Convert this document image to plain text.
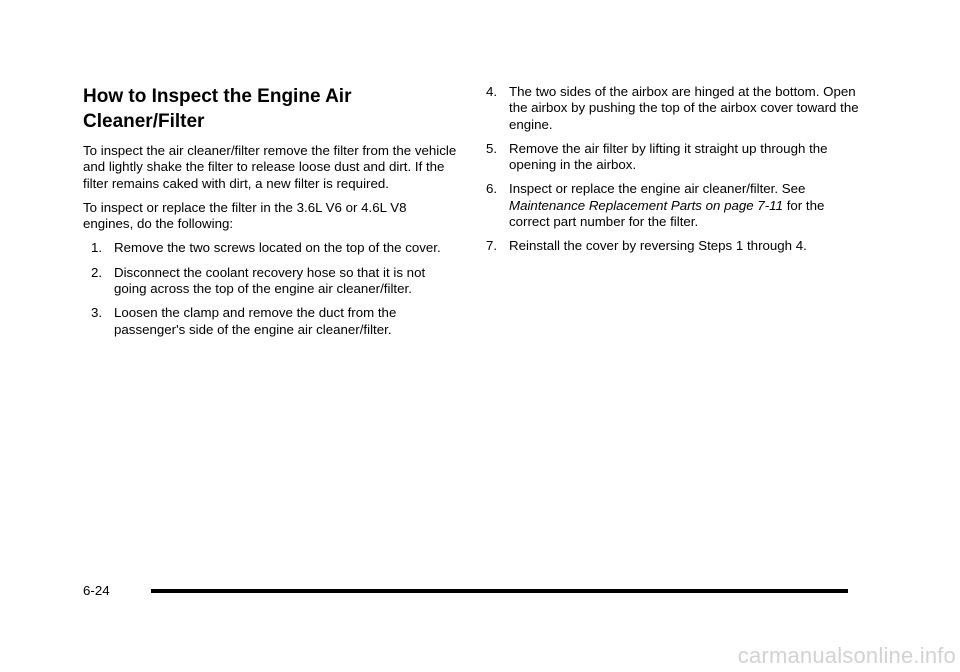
How to Inspect the Engine Air
Cleaner/Filter

To inspect the air cleaner/filter remove the filter from the vehicle and lightly shake the filter to release loose dust and dirt. If the filter remains caked with dirt, a new filter is required.

To inspect or replace the filter in the 3.6L V6 or 4.6L V8 engines, do the following:

1. Remove the two screws located on the top of the cover.
2. Disconnect the coolant recovery hose so that it is not going across the top of the engine air cleaner/filter.
3. Loosen the clamp and remove the duct from the passenger's side of the engine air cleaner/filter.
4. The two sides of the airbox are hinged at the bottom. Open the airbox by pushing the top of the airbox cover toward the engine.
5. Remove the air filter by lifting it straight up through the opening in the airbox.
6. Inspect or replace the engine air cleaner/filter. See Maintenance Replacement Parts on page 7-11 for the correct part number for the filter.
7. Reinstall the cover by reversing Steps 1 through 4.
6-24
carmanualsonline.info
